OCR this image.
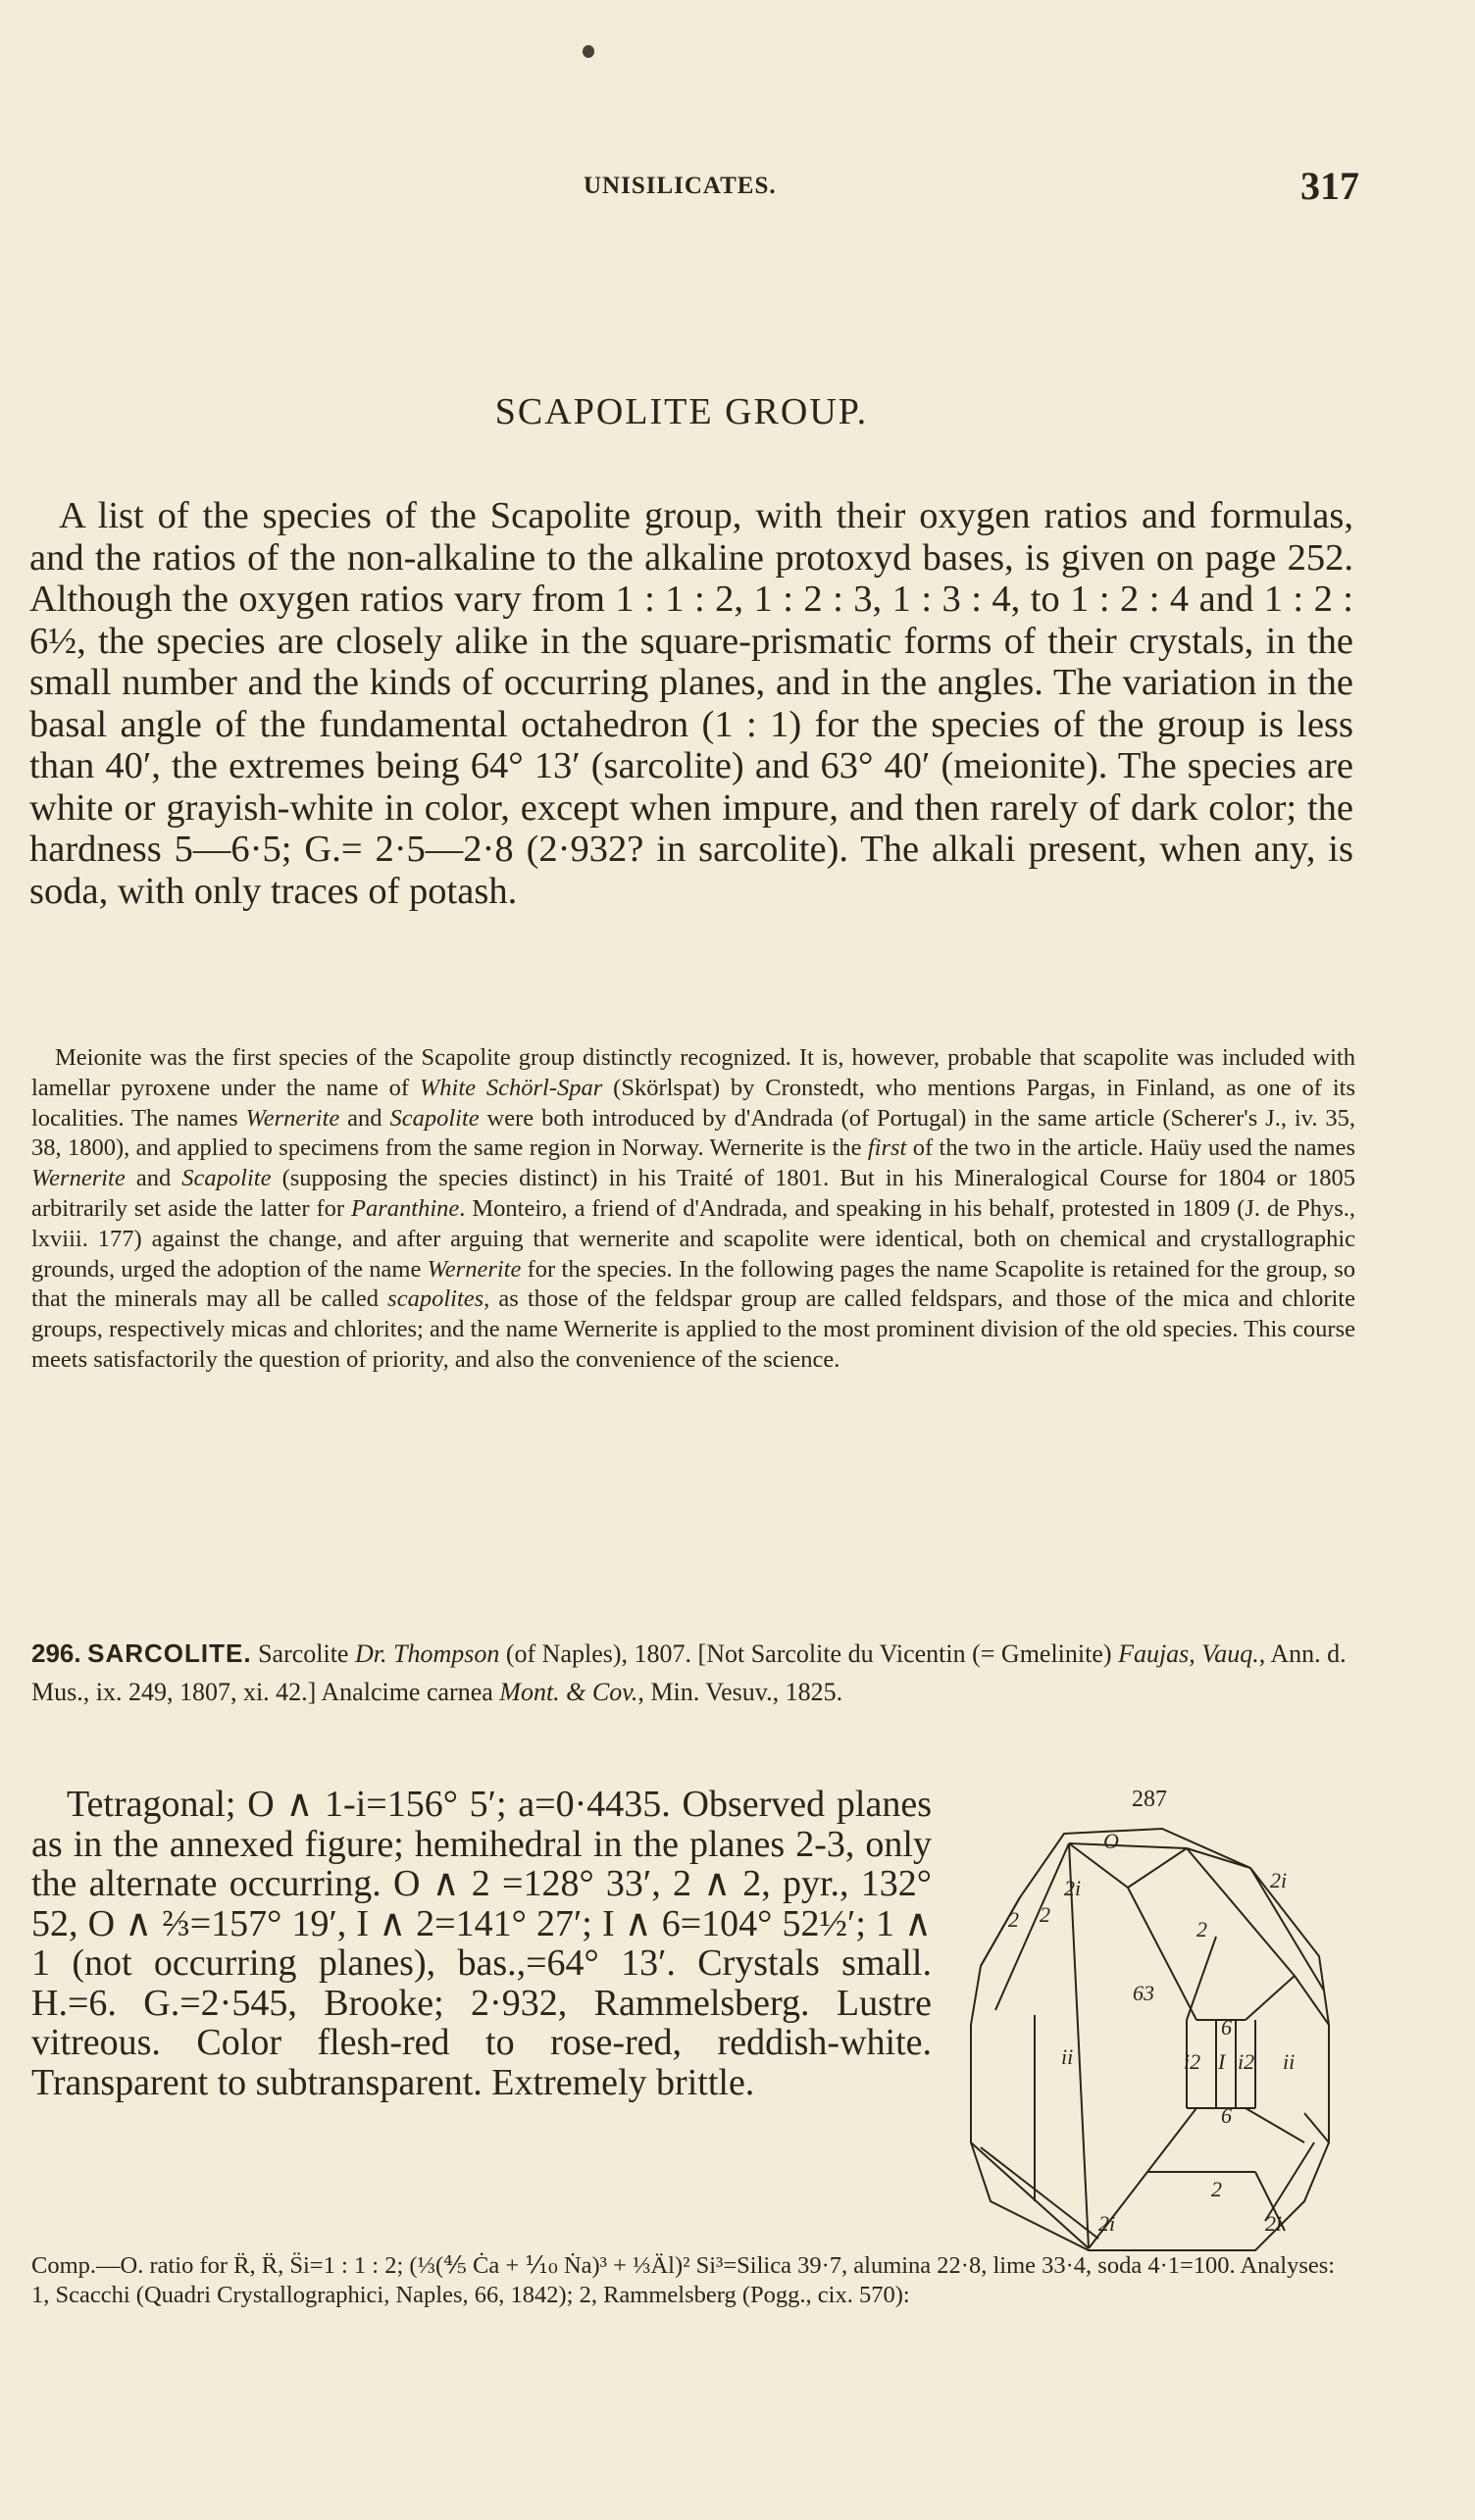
UNISILICATES.	317
SCAPOLITE GROUP.

A list of the species of the Scapolite group, with their oxygen ratios and formulas, and the ratios of the non-alkaline to the alkaline protoxyd bases, is given on page 252. Although the oxygen ratios vary from 1 : 1 : 2, 1 : 2 : 3, 1 : 3 : 4, to 1 : 2 : 4 and 1 : 2 : 6½, the species are closely alike in the square-prismatic forms of their crystals, in the small number and the kinds of occurring planes, and in the angles. The variation in the basal angle of the fundamental octahedron (1 : 1) for the species of the group is less than 40′, the extremes being 64° 13′ (sarcolite) and 63° 40′ (meionite). The species are white or grayish-white in color, except when impure, and then rarely of dark color; the hardness 5—6·5; G.= 2·5—2·8 (2·932? in sarcolite). The alkali present, when any, is soda, with only traces of potash.

Meionite was the first species of the Scapolite group distinctly recognized. It is, however, probable that scapolite was included with lamellar pyroxene under the name of White Schörl-Spar (Skörlspat) by Cronstedt, who mentions Pargas, in Finland, as one of its localities. The names Wernerite and Scapolite were both introduced by d'Andrada (of Portugal) in the same article (Scherer's J., iv. 35, 38, 1800), and applied to specimens from the same region in Norway. Wernerite is the first of the two in the article. Haüy used the names Wernerite and Scapolite (supposing the species distinct) in his Traité of 1801. But in his Mineralogical Course for 1804 or 1805 arbitrarily set aside the latter for Paranthine. Monteiro, a friend of d'Andrada, and speaking in his behalf, protested in 1809 (J. de Phys., lxviii. 177) against the change, and after arguing that wernerite and scapolite were identical, both on chemical and crystallographic grounds, urged the adoption of the name Wernerite for the species. In the following pages the name Scapolite is retained for the group, so that the minerals may all be called scapolites, as those of the feldspar group are called feldspars, and those of the mica and chlorite groups, respectively micas and chlorites; and the name Wernerite is applied to the most prominent division of the old species. This course meets satisfactorily the question of priority, and also the convenience of the science.

296. SARCOLITE. Sarcolite Dr. Thompson (of Naples), 1807. [Not Sarcolite du Vicentin (= Gmelinite) Faujas, Vauq., Ann. d. Mus., ix. 249, 1807, xi. 42.] Analcime carnea Mont. & Cov., Min. Vesuv., 1825.

Tetragonal; O ∧ 1-i=156° 5′; a=0·4435. Observed planes as in the annexed figure; hemihedral in the planes 2-3, only the alternate occurring. O ∧ 2 =128° 33′, 2 ∧ 2, pyr., 132° 52, O ∧ ⅔=157° 19′, I ∧ 2=141° 27′; I ∧ 6=104° 52½′; 1 ∧ 1 (not occurring planes), bas.,=64° 13′. Crystals small. H.=6. G.=2·545, Brooke; 2·932, Rammelsberg. Lustre vitreous. Color flesh-red to rose-red, reddish-white. Transparent to subtransparent. Extremely brittle.

287
O
2
2i
2
2
2i
63
6
6
ii	i2 I i2 ii
2
2i	2i

Comp.—O. ratio for R̈, R̈, S̈i=1 : 1 : 2; (⅓(⅘ Ċa + ⅒ Ṅa)³ + ⅓Äl)² Si³=Silica 39·7, alumina 22·8, lime 33·4, soda 4·1=100. Analyses: 1, Scacchi (Quadri Crystallographici, Naples, 66, 1842); 2, Rammelsberg (Pogg., cix. 570):
